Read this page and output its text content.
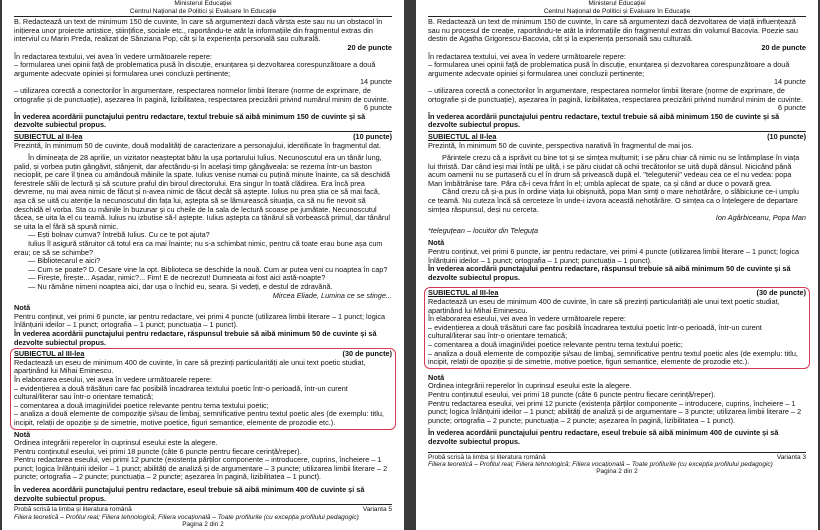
Ministerul Educației
Centrul Național de Politici și Evaluare în Educație

B. Redactează un text de minimum 150 de cuvinte, în care să argumentezi dacă vârsta este sau nu un obstacol în inițierea unor proiecte artistice, științifice, sociale etc., raportându-te atât la informațiile din fragmentul extras din interviul cu Marin Preda, realizat de Sânziana Pop, cât și la experiența personală sau culturală.

20 de puncte

În redactarea textului, vei avea în vedere următoarele repere:

– formularea unei opinii față de problematica pusă în discuție, enunțarea și dezvoltarea corespunzătoare a două argumente adecvate opiniei și formularea unei concluzii pertinente;

14 puncte

– utilizarea corectă a conectorilor în argumentare, respectarea normelor limbii literare (norme de exprimare, de ortografie și de punctuație), așezarea în pagină, lizibilitatea, respectarea precizării privind numărul minim de cuvinte.

6 puncte

În vederea acordării punctajului pentru redactare, textul trebuie să aibă minimum 150 de cuvinte și să dezvolte subiectul propus.

SUBIECTUL al II-lea	(10 puncte)

Prezintă, în minimum 50 de cuvinte, două modalități de caracterizare a personajului, identificate în fragmentul dat.

În dimineața de 28 aprilie, un vizitator neașteptat bătu la ușa portarului Iulius. Necunoscutul era un tânăr lung, palid, și vorbea puțin gângăvit, stânjenit, dar afectându-și în același timp gângăveala: se rezema într-un baston necioplit, pe care îl ținea cu amândouă mâinile la spate. Iulius venise numai cu puțină minute înainte, ca să deschidă ferestrele sălii de lectură și să scuture praful din biroul directorului. Era singur în toată clădirea. Era încă prea devreme, nu mai avea nimic de făcut și n-avea nimic de făcut decât să aștepte. Iulius nu prea știa ce să mai facă, așa că se uită cu atenție la necunoscutul din fața lui, aștepta să se lămurească situația, ca să nu fie nevoit să deschidă el vorba. Sta cu mâinile în buzunar și cu cheile de la sala de lectură scoase pe jumătate. Necunoscutul tăcea, se uita la el cu teamă. Iulius nu izbutise să-l aștepte. Iulius aștepta ca tânărul să vorbească primul, dar tânărul se uita la el fără să spună nimic.

— Ești bolnav cumva? întrebă Iulius. Cu ce te pot ajuta?

Iulius îl asigură stăruitor că totul era ca mai înainte; nu s-a schimbat nimic, pentru că toate erau bune așa cum erau; ce să se schimbe?

— Bibliotecarul e aici?

— Cum se poate? D. Cesare vine la opt. Biblioteca se deschide la nouă. Cum ar putea veni cu noaptea în cap?

— Firește, firește... Așadar, nimic?... Fim! E de necrezut! Dumneata ai fost aici astă-noapte?

— Nu rămâne nimeni noaptea aici, dar ușa o închid eu, seara. Și vedeți, e destul de zdravănă.

Mircea Eliade, Lumina ce se stinge...

Notă

Pentru conținut, vei primi 6 puncte, iar pentru redactare, vei primi 4 puncte (utilizarea limbii literare – 1 punct; logica înlănțuirii ideilor – 1 punct; ortografia – 1 punct; punctuația – 1 punct).

În vederea acordării punctajului pentru redactare, răspunsul trebuie să aibă minimum 50 de cuvinte și să dezvolte subiectul propus.

SUBIECTUL al III-lea	(30 de puncte)

Redactează un eseu de minimum 400 de cuvinte, în care să prezinți particularități ale unui text poetic studiat, aparținând lui Mihai Eminescu.

În elaborarea eseului, vei avea în vedere următoarele repere:

– evidențierea a două trăsături care fac posibilă încadrarea textului poetic într-o perioadă, într-un curent cultural/literar sau într-o orientare tematică;

– comentarea a două imagini/idei poetice relevante pentru tema textului poetic;

– analiza a două elemente de compoziție și/sau de limbaj, semnificative pentru textul poetic ales (de exemplu: titlu, incipit, relații de opoziție și de simetrie, motive poetice, figuri semantice, elemente de prozodie etc.).

Notă

Ordinea integrării reperelor în cuprinsul eseului este la alegere.

Pentru conținutul eseului, vei primi 18 puncte (câte 6 puncte pentru fiecare cerință/reper).

Pentru redactarea eseului, vei primi 12 puncte (existența părților componente – introducere, cuprins, încheiere – 1 punct; logica înlănțuirii ideilor – 1 punct; abilități de analiză și de argumentare – 3 puncte; utilizarea limbii literare – 2 puncte; ortografia – 2 puncte; punctuația – 2 puncte; așezarea în pagină, lizibilitatea – 1 punct).

În vederea acordării punctajului pentru redactare, eseul trebuie să aibă minimum 400 de cuvinte și să dezvolte subiectul propus.

Probă scrisă la limba și literatura română	Varianta 5
Filiera teoretică – Profilul real; Filiera tehnologică; Filiera vocațională – Toate profilurile (cu excepția profilului pedagogic)
Pagina 2 din 2
Ministerul Educației
Centrul Național de Politici și Evaluare în Educație

B. Redactează un text de minimum 150 de cuvinte, în care să argumentezi dacă dezvoltarea de viață influențează sau nu procesul de creație, raportându-te atât la informațiile din fragmentul extras din volumul Bacovia. Poezie sau destin de Agatha Grigorescu-Bacovia, cât și la experiența personală sau culturală.

20 de puncte

În redactarea textului, vei avea în vedere următoarele repere:

– formularea unei opinii față de problematica pusă în discuție, enunțarea și dezvoltarea corespunzătoare a două argumente adecvate opiniei și formularea unei concluzii pertinente;

14 puncte

– utilizarea corectă a conectorilor în argumentare, respectarea normelor limbii literare (norme de exprimare, de ortografie și de punctuație), așezarea în pagină, lizibilitatea, respectarea precizării privind numărul minim de cuvinte.

6 puncte

În vederea acordării punctajului pentru redactare, textul trebuie să aibă minimum 150 de cuvinte și să dezvolte subiectul propus.

SUBIECTUL al II-lea	(10 puncte)

Prezintă, în minimum 50 de cuvinte, perspectiva narativă în fragmentul de mai jos.

Părintele crezu că a isprăvit cu bine tot și se simțea mulțumit; i se păru chiar că nimic nu se întâmplase în viața lui thristă. Dar când ieși mai întâi pe uliță, i se păru ciudat că ochii trecătorilor se uită după dânsul. Nicicând până acum oamenii nu se purtaseră cu el în drum să privească după el. "telegutenii" vedeau cea ce el nu vedea: popa Man îmbătrânise tare. Păra că-i ceva frânt în el; umbla aplecat de spate, ca și când ar duce o povară grea.

Când crezu că și-a pus în ordine viața lui obișnuită, popa Man simți o mare nehotărâre, o slăbiciune ce-i umplu ce teamă. Nu cuteza încă să cerceteze în unde-i izvora această nehotărâre. O simțea ca o înțelegere de departare simțea răspunsul, deși nu cerceta.

Ion Agârbiceanu, Popa Man

*teleguțean – locuitor din Teleguța

Notă

Pentru conținut, vei primi 6 puncte, iar pentru redactare, vei primi 4 puncte (utilizarea limbii literare – 1 punct; logica înlănțuirii ideilor – 1 punct; ortografia – 1 punct; punctuația – 1 punct).

În vederea acordării punctajului pentru redactare, răspunsul trebuie să aibă minimum 50 de cuvinte și să dezvolte subiectul propus.

SUBIECTUL al III-lea	(30 de puncte)

Redactează un eseu de minimum 400 de cuvinte, în care să prezinți particularități ale unui text poetic studiat, aparținând lui Mihai Eminescu.

În elaborarea eseului, vei avea în vedere următoarele repere:

– evidențierea a două trăsături care fac posibilă încadrarea textului poetic într-o perioadă, într-un curent cultural/literar sau într-o orientare tematică;

– comentarea a două imagini/idei poetice relevante pentru tema textului poetic;

– analiza a două elemente de compoziție și/sau de limbaj, semnificative pentru textul poetic ales (de exemplu: titlu, incipit, relații de opoziție și de simetrie, motive poetice, figuri semantice, elemente de prozodie etc.).

Notă

Ordinea integrării reperelor în cuprinsul eseului este la alegere.

Pentru conținutul eseului, vei primi 18 puncte (câte 6 puncte pentru fiecare cerință/reper).

Pentru redactarea eseului, vei primi 12 puncte (existența părților componente – introducere, cuprins, încheiere – 1 punct; logica înlănțuirii ideilor – 1 punct; abilități de analiză și de argumentare – 3 puncte; utilizarea limbii literare – 2 puncte; ortografia – 2 puncte; punctuația – 2 puncte; așezarea în pagină, lizibilitatea – 1 punct).

În vederea acordării punctajului pentru redactare, eseul trebuie să aibă minimum 400 de cuvinte și să dezvolte subiectul propus.

Probă scrisă la limba și literatura română	Varianta 3
Filiera teoretică – Profilul real; Filiera tehnologică; Filiera vocațională – Toate profilurile (cu excepția profilului pedagogic)
Pagina 2 din 2
